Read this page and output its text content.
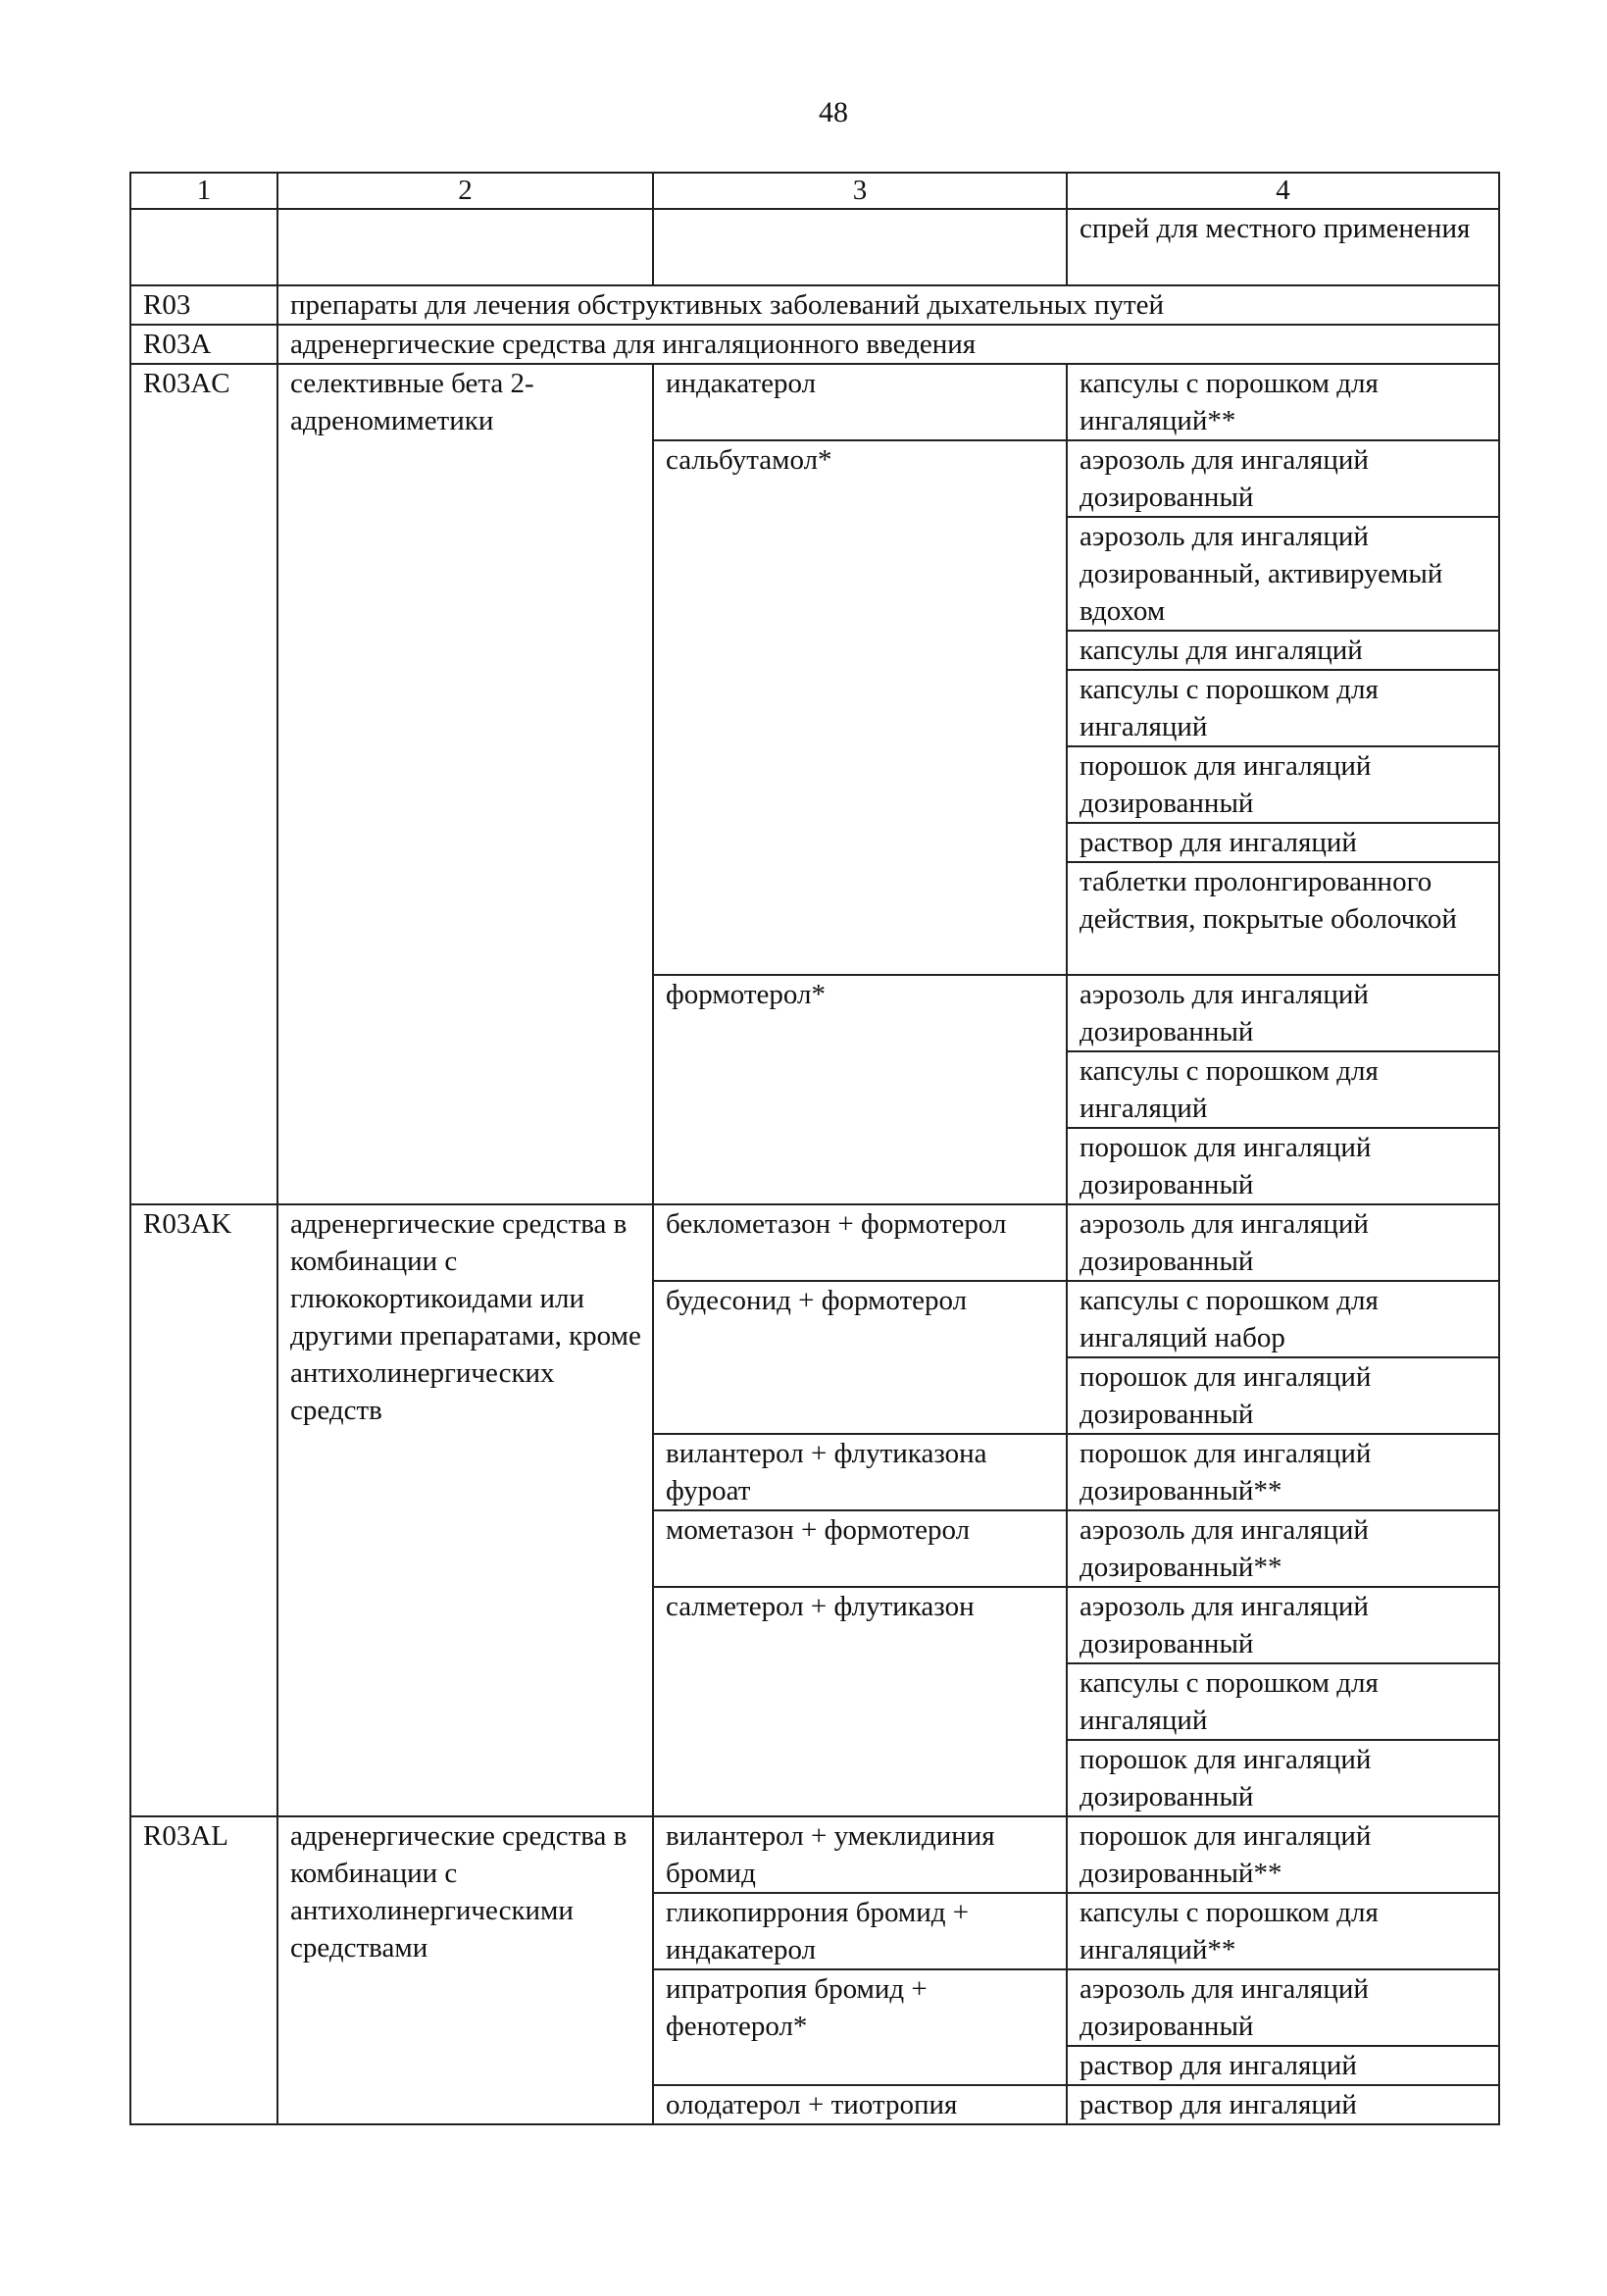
48
1	2	3	4
			спрей для местного применения
R03	препараты для лечения обструктивных заболеваний дыхательных путей		
R03A	адренергические средства для ингаляционного введения		
R03AC	селективные бета 2-адреномиметики	индакатерол	капсулы с порошком для ингаляций**
		сальбутамол*	аэрозоль для ингаляций дозированный
			аэрозоль для ингаляций дозированный, активируемый вдохом
			капсулы для ингаляций
			капсулы с порошком для ингаляций
			порошок для ингаляций дозированный
			раствор для ингаляций
			таблетки пролонгированного действия, покрытые оболочкой
		формотерол*	аэрозоль для ингаляций дозированный
			капсулы с порошком для ингаляций
			порошок для ингаляций дозированный
R03AK	адренергические средства в комбинации с глюкокортикоидами или другими препаратами, кроме антихолинергических средств	беклометазон + формотерол	аэрозоль для ингаляций дозированный
		будесонид + формотерол	капсулы с порошком для ингаляций набор
			порошок для ингаляций дозированный
		вилантерол + флутиказона фуроат	порошок для ингаляций дозированный**
		мометазон + формотерол	аэрозоль для ингаляций дозированный**
		салметерол + флутиказон	аэрозоль для ингаляций дозированный
			капсулы с порошком для ингаляций
			порошок для ингаляций дозированный
R03AL	адренергические средства в комбинации с антихолинергическими средствами	вилантерол + умеклидиния бромид	порошок для ингаляций дозированный**
		гликопиррония бромид + индакатерол	капсулы с порошком для ингаляций**
		ипратропия бромид + фенотерол*	аэрозоль для ингаляций дозированный
			раствор для ингаляций
		олодатерол + тиотропия	раствор для ингаляций
